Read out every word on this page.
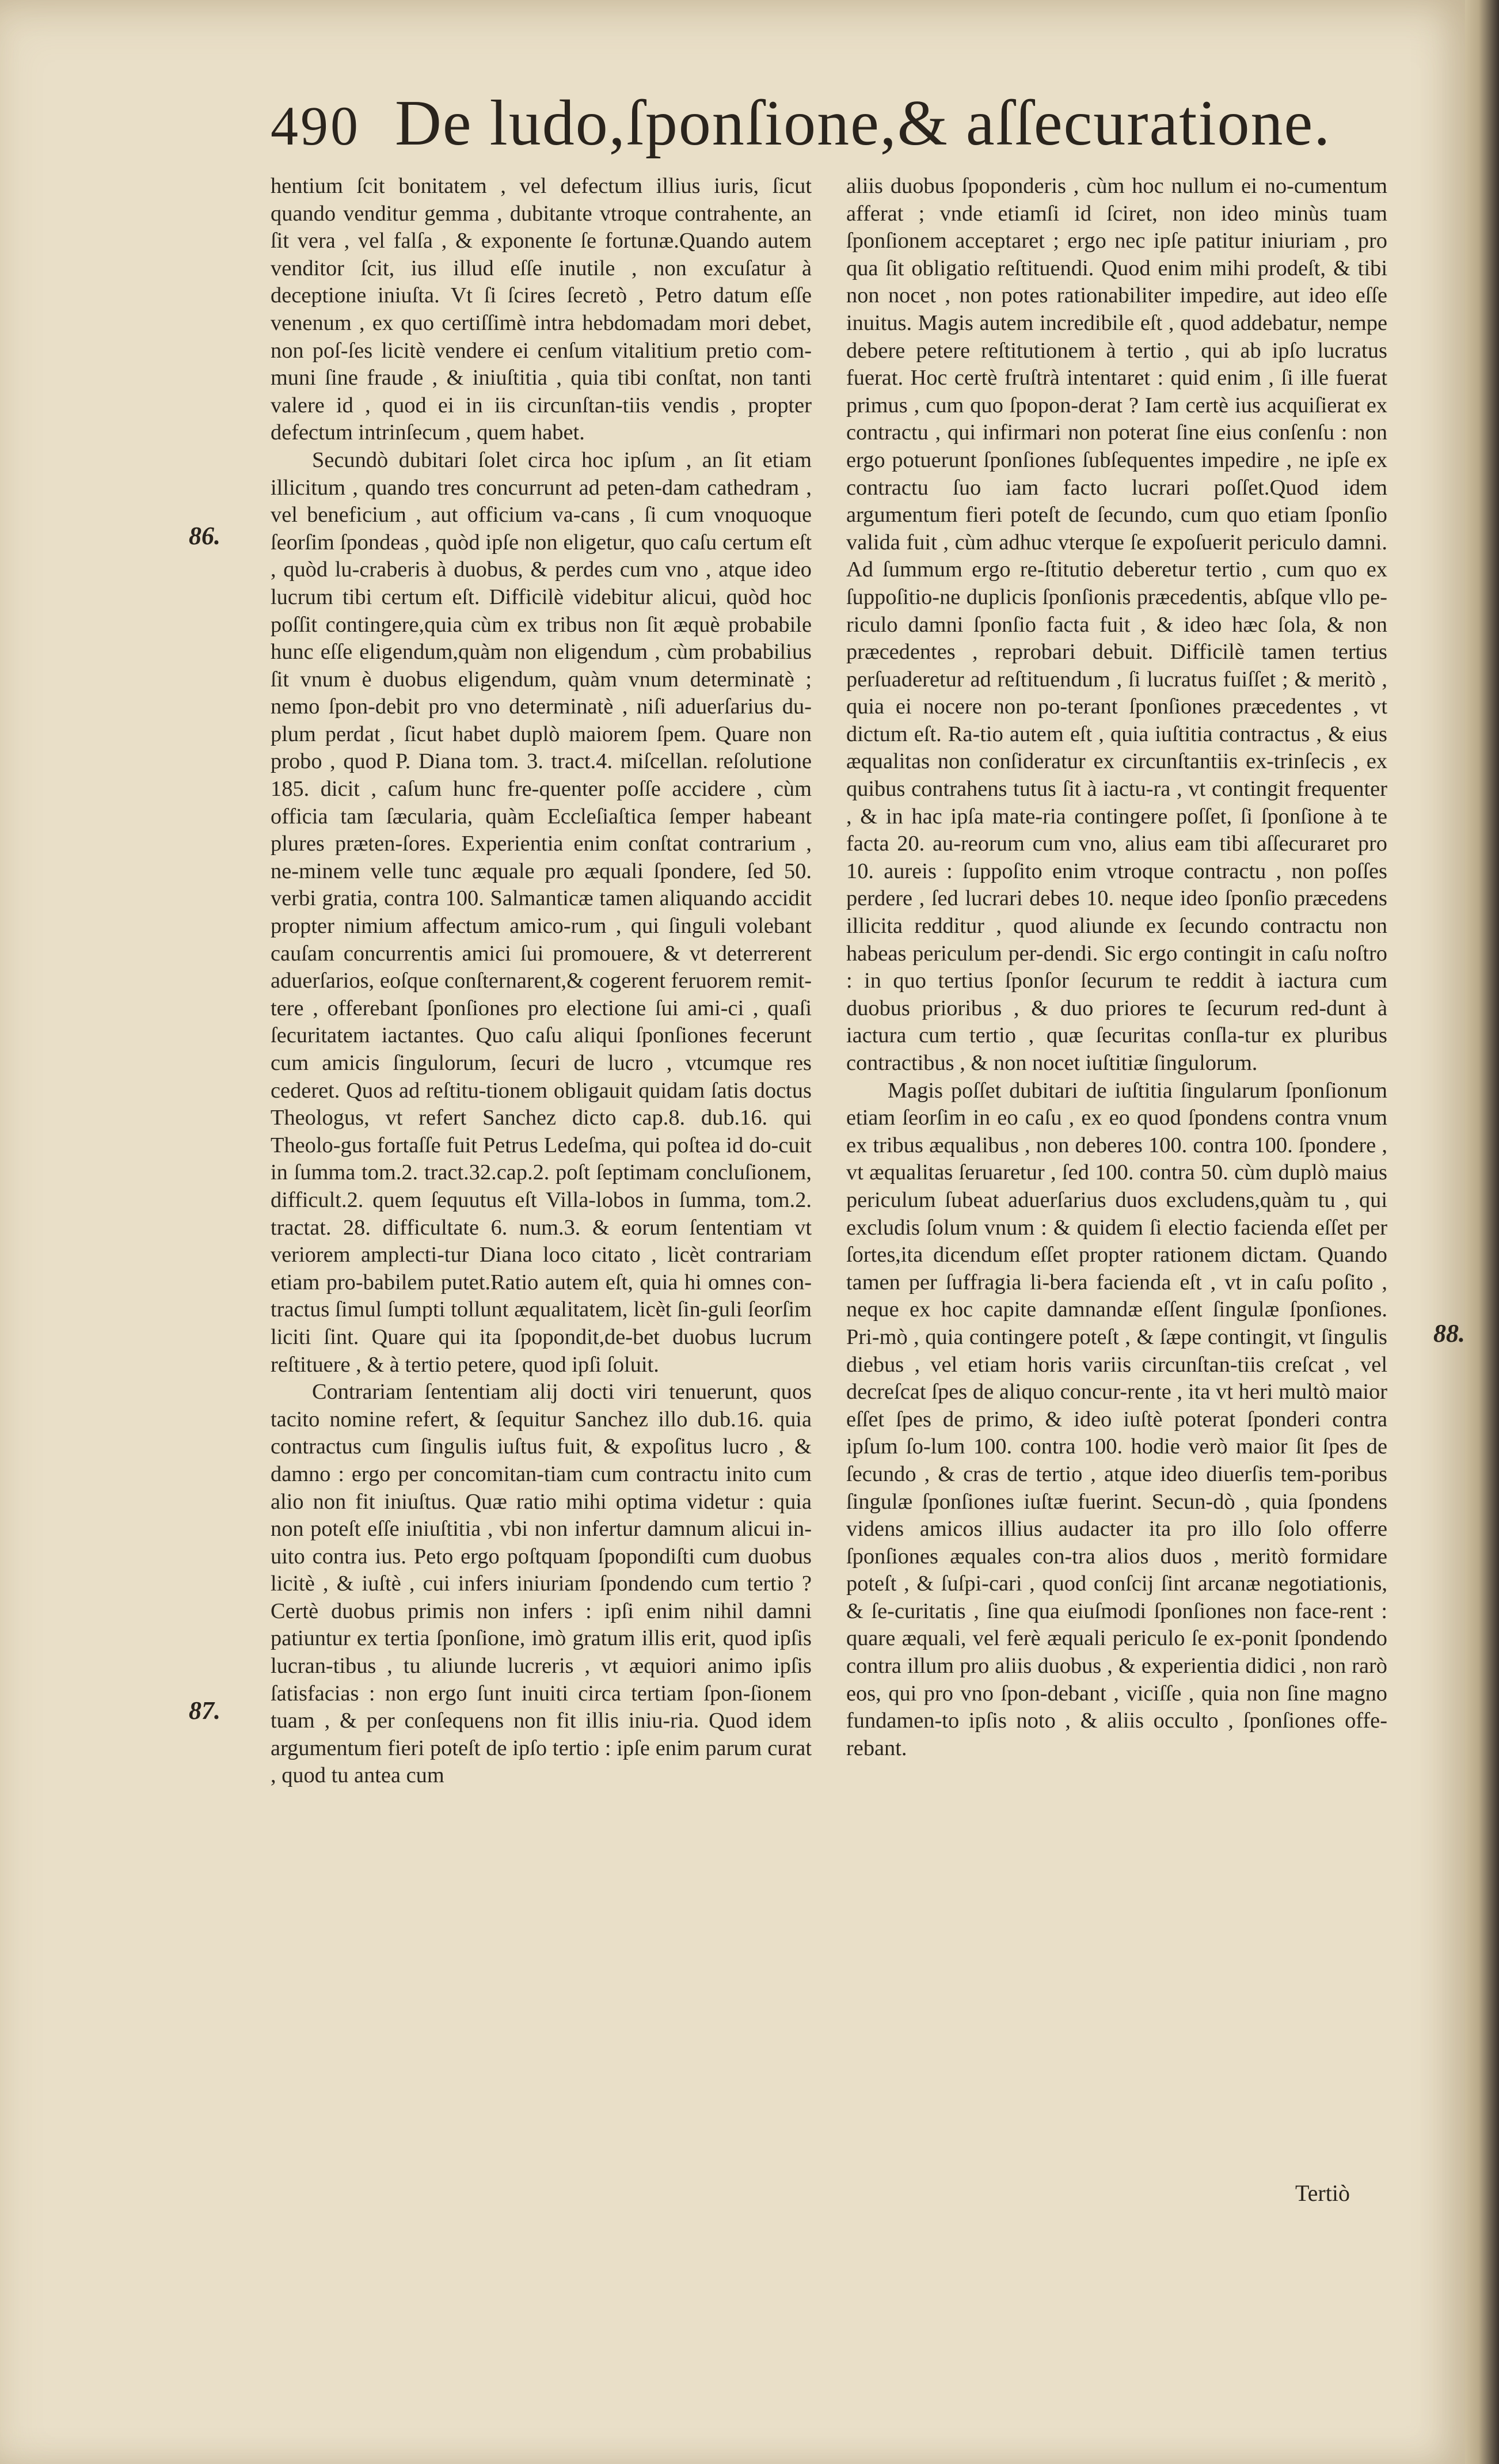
490 De ludo,ſponſione,& aſſecuratione.

hentium ſcit bonitatem , vel defectum illius iuris, ſicut quando venditur gemma , dubitante vtroque contrahente, an ſit vera , vel falſa , & exponente ſe fortunæ.Quando autem venditor ſcit, ius illud eſſe inutile , non excuſatur à deceptione iniuſta. Vt ſi ſcires ſecretò , Petro datum eſſe venenum , ex quo certiſſimè intra hebdomadam mori debet, non poſ-ſes licitè vendere ei cenſum vitalitium pretio com-muni ſine fraude , & iniuſtitia , quia tibi conſtat, non tanti valere id , quod ei in iis circunſtan-tiis vendis , propter defectum intrinſecum , quem habet.

Secundò dubitari ſolet circa hoc ipſum , an ſit etiam illicitum , quando tres concurrunt ad peten-dam cathedram , vel beneficium , aut officium va-cans , ſi cum vnoquoque ſeorſim ſpondeas , quòd ipſe non eligetur, quo caſu certum eſt , quòd lu-craberis à duobus, & perdes cum vno , atque ideo lucrum tibi certum eſt. Difficilè videbitur alicui, quòd hoc poſſit contingere,quia cùm ex tribus non ſit æquè probabile hunc eſſe eligendum,quàm non eligendum , cùm probabilius ſit vnum è duobus eligendum, quàm vnum determinatè ; nemo ſpon-debit pro vno determinatè , niſi aduerſarius du-plum perdat , ſicut habet duplò maiorem ſpem. Quare non probo , quod P. Diana tom. 3. tract.4. miſcellan. reſolutione 185. dicit , caſum hunc fre-quenter poſſe accidere , cùm officia tam ſæcularia, quàm Eccleſiaſtica ſemper habeant plures præten-ſores. Experientia enim conſtat contrarium , ne-minem velle tunc æquale pro æquali ſpondere, ſed 50. verbi gratia, contra 100. Salmanticæ tamen aliquando accidit propter nimium affectum amico-rum , qui ſinguli volebant cauſam concurrentis amici ſui promouere, & vt deterrerent aduerſarios, eoſque conſternarent,& cogerent feruorem remit-tere , offerebant ſponſiones pro electione ſui ami-ci , quaſi ſecuritatem iactantes. Quo caſu aliqui ſponſiones fecerunt cum amicis ſingulorum, ſecuri de lucro , vtcumque res cederet. Quos ad reſtitu-tionem obligauit quidam ſatis doctus Theologus, vt refert Sanchez dicto cap.8. dub.16. qui Theolo-gus fortaſſe fuit Petrus Ledeſma, qui poſtea id do-cuit in ſumma tom.2. tract.32.cap.2. poſt ſeptimam concluſionem, difficult.2. quem ſequutus eſt Villa-lobos in ſumma, tom.2. tractat. 28. difficultate 6. num.3. & eorum ſententiam vt veriorem amplecti-tur Diana loco citato , licèt contrariam etiam pro-babilem putet.Ratio autem eſt, quia hi omnes con-tractus ſimul ſumpti tollunt æqualitatem, licèt ſin-guli ſeorſim liciti ſint. Quare qui ita ſpopondit,de-bet duobus lucrum reſtituere , & à tertio petere, quod ipſi ſoluit.

Contrariam ſententiam alij docti viri tenuerunt, quos tacito nomine refert, & ſequitur Sanchez illo dub.16. quia contractus cum ſingulis iuſtus fuit, & expoſitus lucro , & damno : ergo per concomitan-tiam cum contractu inito cum alio non fit iniuſtus. Quæ ratio mihi optima videtur : quia non poteſt eſſe iniuſtitia , vbi non infertur damnum alicui in-uito contra ius. Peto ergo poſtquam ſpopondiſti cum duobus licitè , & iuſtè , cui infers iniuriam ſpondendo cum tertio ? Certè duobus primis non infers : ipſi enim nihil damni patiuntur ex tertia ſponſione, imò gratum illis erit, quod ipſis lucran-tibus , tu aliunde lucreris , vt æquiori animo ipſis ſatisfacias : non ergo ſunt inuiti circa tertiam ſpon-ſionem tuam , & per conſequens non fit illis iniu-ria. Quod idem argumentum fieri poteſt de ipſo tertio : ipſe enim parum curat , quod tu antea cum

aliis duobus ſpoponderis , cùm hoc nullum ei no-cumentum afferat ; vnde etiamſi id ſciret, non ideo minùs tuam ſponſionem acceptaret ; ergo nec ipſe patitur iniuriam , pro qua ſit obligatio reſtituendi. Quod enim mihi prodeſt, & tibi non nocet , non potes rationabiliter impedire, aut ideo eſſe inuitus. Magis autem incredibile eſt , quod addebatur, nempe debere petere reſtitutionem à tertio , qui ab ipſo lucratus fuerat. Hoc certè fruſtrà intentaret : quid enim , ſi ille fuerat primus , cum quo ſpopon-derat ? Iam certè ius acquiſierat ex contractu , qui infirmari non poterat ſine eius conſenſu : non ergo potuerunt ſponſiones ſubſequentes impedire , ne ipſe ex contractu ſuo iam facto lucrari poſſet.Quod idem argumentum fieri poteſt de ſecundo, cum quo etiam ſponſio valida fuit , cùm adhuc vterque ſe expoſuerit periculo damni. Ad ſummum ergo re-ſtitutio deberetur tertio , cum quo ex ſuppoſitio-ne duplicis ſponſionis præcedentis, abſque vllo pe-riculo damni ſponſio facta fuit , & ideo hæc ſola, & non præcedentes , reprobari debuit. Difficilè tamen tertius perſuaderetur ad reſtituendum , ſi lucratus fuiſſet ; & meritò , quia ei nocere non po-terant ſponſiones præcedentes , vt dictum eſt. Ra-tio autem eſt , quia iuſtitia contractus , & eius æqualitas non conſideratur ex circunſtantiis ex-trinſecis , ex quibus contrahens tutus ſit à iactu-ra , vt contingit frequenter , & in hac ipſa mate-ria contingere poſſet, ſi ſponſione à te facta 20. au-reorum cum vno, alius eam tibi aſſecuraret pro 10. aureis : ſuppoſito enim vtroque contractu , non poſſes perdere , ſed lucrari debes 10. neque ideo ſponſio præcedens illicita redditur , quod aliunde ex ſecundo contractu non habeas periculum per-dendi. Sic ergo contingit in caſu noſtro : in quo tertius ſponſor ſecurum te reddit à iactura cum duobus prioribus , & duo priores te ſecurum red-dunt à iactura cum tertio , quæ ſecuritas conſla-tur ex pluribus contractibus , & non nocet iuſtitiæ ſingulorum.

Magis poſſet dubitari de iuſtitia ſingularum ſponſionum etiam ſeorſim in eo caſu , ex eo quod ſpondens contra vnum ex tribus æqualibus , non deberes 100. contra 100. ſpondere , vt æqualitas ſeruaretur , ſed 100. contra 50. cùm duplò maius periculum ſubeat aduerſarius duos excludens,quàm tu , qui excludis ſolum vnum : & quidem ſi electio facienda eſſet per ſortes,ita dicendum eſſet propter rationem dictam. Quando tamen per ſuffragia li-bera facienda eſt , vt in caſu poſito , neque ex hoc capite damnandæ eſſent ſingulæ ſponſiones. Pri-mò , quia contingere poteſt , & ſæpe contingit, vt ſingulis diebus , vel etiam horis variis circunſtan-tiis creſcat , vel decreſcat ſpes de aliquo concur-rente , ita vt heri multò maior eſſet ſpes de primo, & ideo iuſtè poterat ſponderi contra ipſum ſo-lum 100. contra 100. hodie verò maior ſit ſpes de ſecundo , & cras de tertio , atque ideo diuerſis tem-poribus ſingulæ ſponſiones iuſtæ fuerint. Secun-dò , quia ſpondens videns amicos illius audacter ita pro illo ſolo offerre ſponſiones æquales con-tra alios duos , meritò formidare poteſt , & ſuſpi-cari , quod conſcij ſint arcanæ negotiationis, & ſe-curitatis , ſine qua eiuſmodi ſponſiones non face-rent : quare æquali, vel ferè æquali periculo ſe ex-ponit ſpondendo contra illum pro aliis duobus , & experientia didici , non rarò eos, qui pro vno ſpon-debant , viciſſe , quia non ſine magno fundamen-to ipſis noto , & aliis occulto , ſponſiones offe-rebant.

86.
87.
88.
Tertiò
